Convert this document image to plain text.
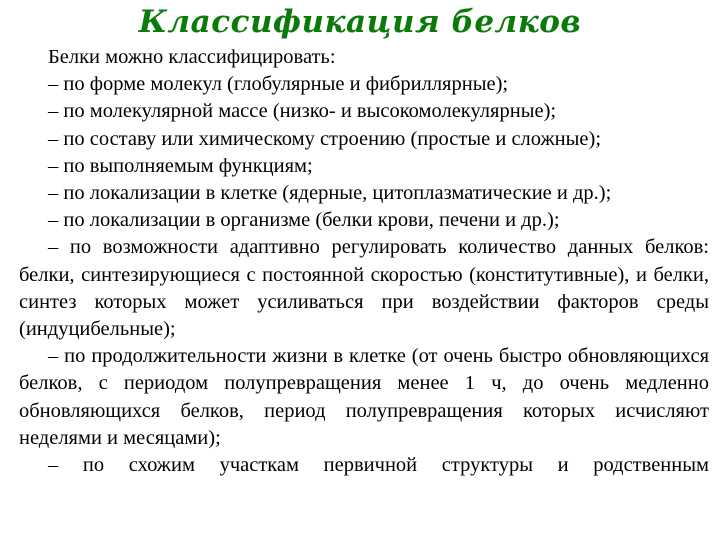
Классификация белков

Белки можно классифицировать:

– по форме молекул (глобулярные и фибриллярные);

– по молекулярной массе (низко- и высокомолекулярные);

– по составу или химическому строению (простые и сложные);

– по выполняемым функциям;

– по локализации в клетке (ядерные, цитоплазматические и др.);

– по локализации в организме (белки крови, печени и др.);

– по возможности адаптивно регулировать количество данных белков: белки, синтезирующиеся с постоянной скоростью (конститутивные), и белки, синтез которых может усиливаться при воздействии факторов среды (индуцибельные);

– по продолжительности жизни в клетке (от очень быстро обновляющихся белков, с периодом полупревращения менее 1 ч, до очень медленно обновляющихся белков, период полупревращения которых исчисляют неделями и месяцами);

– по схожим участкам первичной структуры и родственным
